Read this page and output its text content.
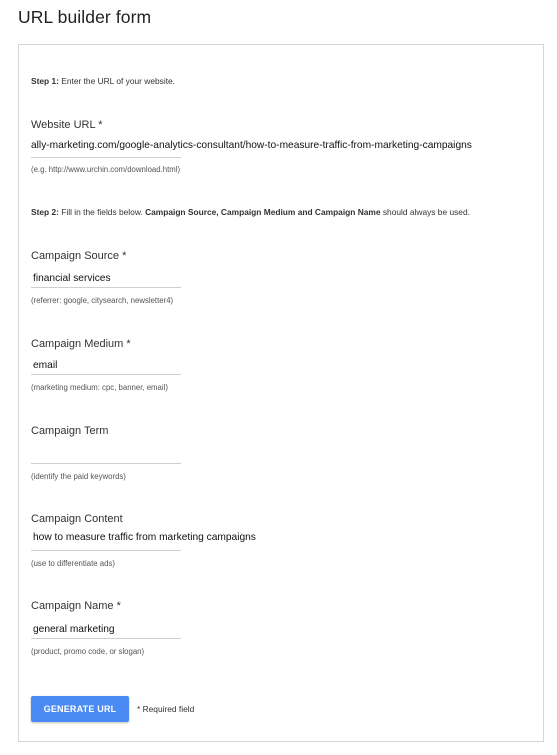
URL builder form
Step 1: Enter the URL of your website.
Website URL *
ally-marketing.com/google-analytics-consultant/how-to-measure-traffic-from-marketing-campaigns
(e.g. http://www.urchin.com/download.html)
Step 2: Fill in the fields below. Campaign Source, Campaign Medium and Campaign Name should always be used.
Campaign Source *
financial services
(referrer: google, citysearch, newsletter4)
Campaign Medium *
email
(marketing medium: cpc, banner, email)
Campaign Term
(identify the paid keywords)
Campaign Content
how to measure traffic from marketing campaigns
(use to differentiate ads)
Campaign Name *
general marketing
(product, promo code, or slogan)
GENERATE URL	* Required field
